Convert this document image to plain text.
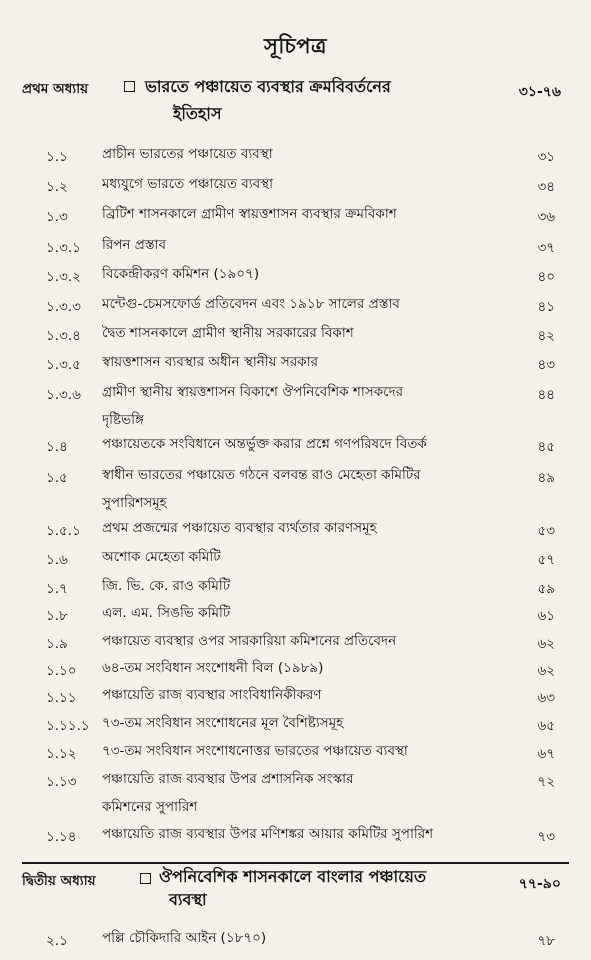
সূচিপত্র
প্রথম অধ্যায়	ভারতে পঞ্চায়েত ব্যবস্থার ক্রমবিবর্তনের
ইতিহাস
৩১-৭৬
১.১	প্রাচীন ভারতের পঞ্চায়েত ব্যবস্থা	৩১
১.২	মধ্যযুগে ভারতে পঞ্চায়েত ব্যবস্থা	৩৪
১.৩	ব্রিটিশ শাসনকালে গ্রামীণ স্বায়ত্তশাসন ব্যবস্থার ক্রমবিকাশ	৩৬
১.৩.১ রিপন প্রস্তাব	৩৭
১.৩.২ বিকেন্দ্রীকরণ কমিশন (১৯০৭)	৪০
১.৩.৩ মন্টেগু-চেমসফোর্ড প্রতিবেদন এবং ১৯১৮ সালের প্রস্তাব	৪১
১.৩.৪ দ্বৈত শাসনকালে গ্রামীণ স্থানীয় সরকারের বিকাশ	৪২
১.৩.৫ স্বায়ত্তশাসন ব্যবস্থার অধীন স্থানীয় সরকার	৪৩
১.৩.৬ গ্রামীণ স্থানীয় স্বায়ত্তশাসন বিকাশে ঔপনিবেশিক শাসকদের
দৃষ্টিভঙ্গি
৪৪
১.৪	পঞ্চায়েতকে সংবিধানে অন্তর্ভুক্ত করার প্রশ্নে গণপরিষদে বিতর্ক	৪৫
১.৫	স্বাধীন ভারতের পঞ্চায়েত গঠনে বলবন্ত রাও মেহেতা কমিটির
সুপারিশসমূহ
৪৯
১.৫.১ প্রথম প্রজন্মের পঞ্চায়েত ব্যবস্থার ব্যর্থতার কারণসমূহ	৫৩
১.৬	অশোক মেহেতা কমিটি	৫৭
১.৭	জি. ভি. কে. রাও কমিটি	৫৯
১.৮	এল. এম. সিঙভি কমিটি	৬১
১.৯	পঞ্চায়েত ব্যবস্থার ওপর সারকারিয়া কমিশনের প্রতিবেদন	৬২
১.১০ ৬৪-তম সংবিধান সংশোধনী বিল (১৯৮৯)	৬২
১.১১ পঞ্চায়েতি রাজ ব্যবস্থার সাংবিধানিকীকরণ	৬৩
১.১১.১ ৭৩-তম সংবিধান সংশোধনের মূল বৈশিষ্ট্যসমূহ	৬৫
১.১২ ৭৩-তম সংবিধান সংশোধনোত্তর ভারতের পঞ্চায়েত ব্যবস্থা	৬৭
১.১৩ পঞ্চায়েতি রাজ ব্যবস্থার উপর প্রশাসনিক সংস্কার
কমিশনের সুপারিশ
৭২
১.১৪ পঞ্চায়েতি রাজ ব্যবস্থার উপর মণিশঙ্কর আয়ার কমিটির সুপারিশ	৭৩
দ্বিতীয় অধ্যায়	ঔপনিবেশিক শাসনকালে বাংলার পঞ্চায়েত
ব্যবস্থা
৭৭-৯০
২.১	পল্লি চৌকিদারি আইন (১৮৭০)	৭৮
